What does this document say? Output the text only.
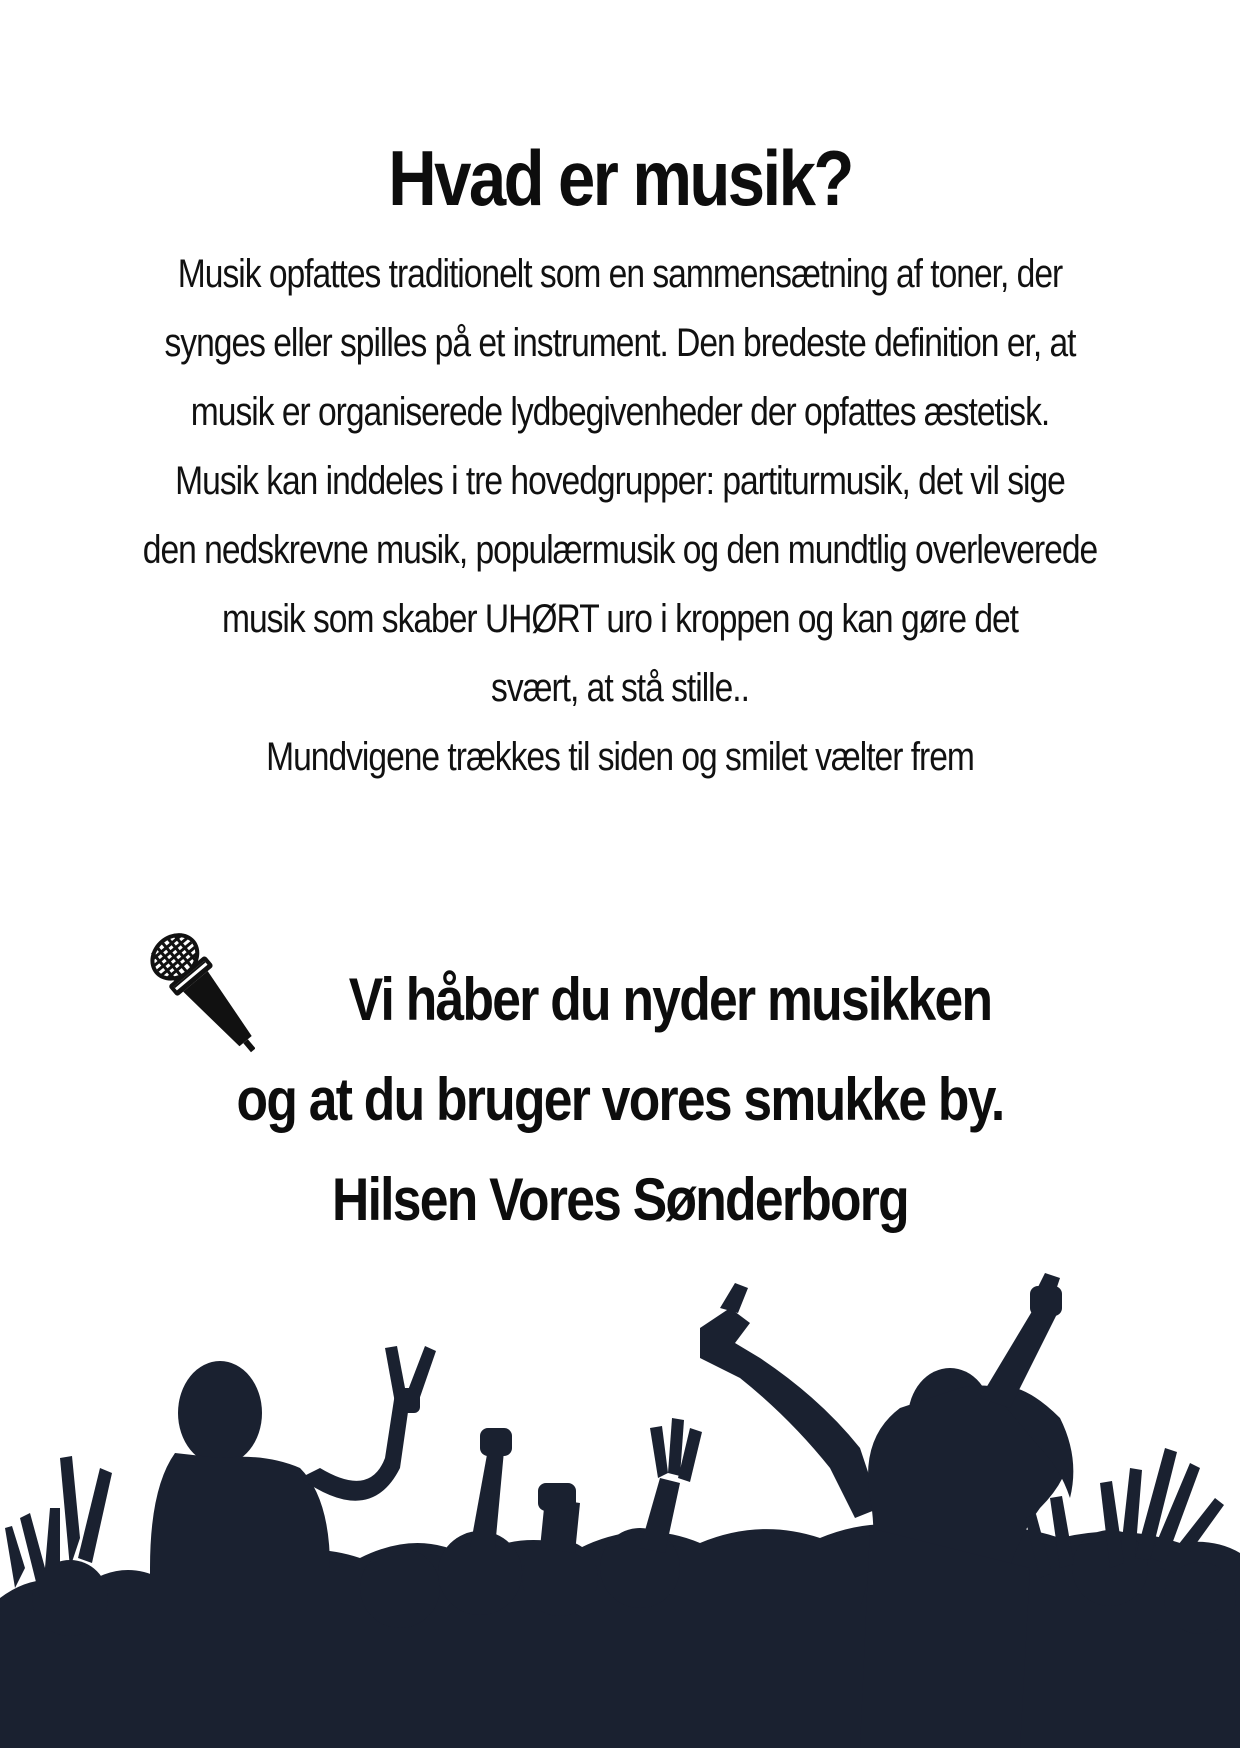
Hvad er musik?
Musik opfattes traditionelt som en sammensætning af toner, der
synges eller spilles på et instrument. Den bredeste definition er, at
musik er organiserede lydbegivenheder der opfattes æstetisk.
Musik kan inddeles i tre hovedgrupper: partiturmusik, det vil sige
den nedskrevne musik, populærmusik og den mundtlig overleverede
musik som skaber UHØRT uro i kroppen og kan gøre det
svært, at stå stille..
Mundvigene trækkes til siden og smilet vælter frem
Vi håber du nyder musikken
og at du bruger vores smukke by.
Hilsen Vores Sønderborg
